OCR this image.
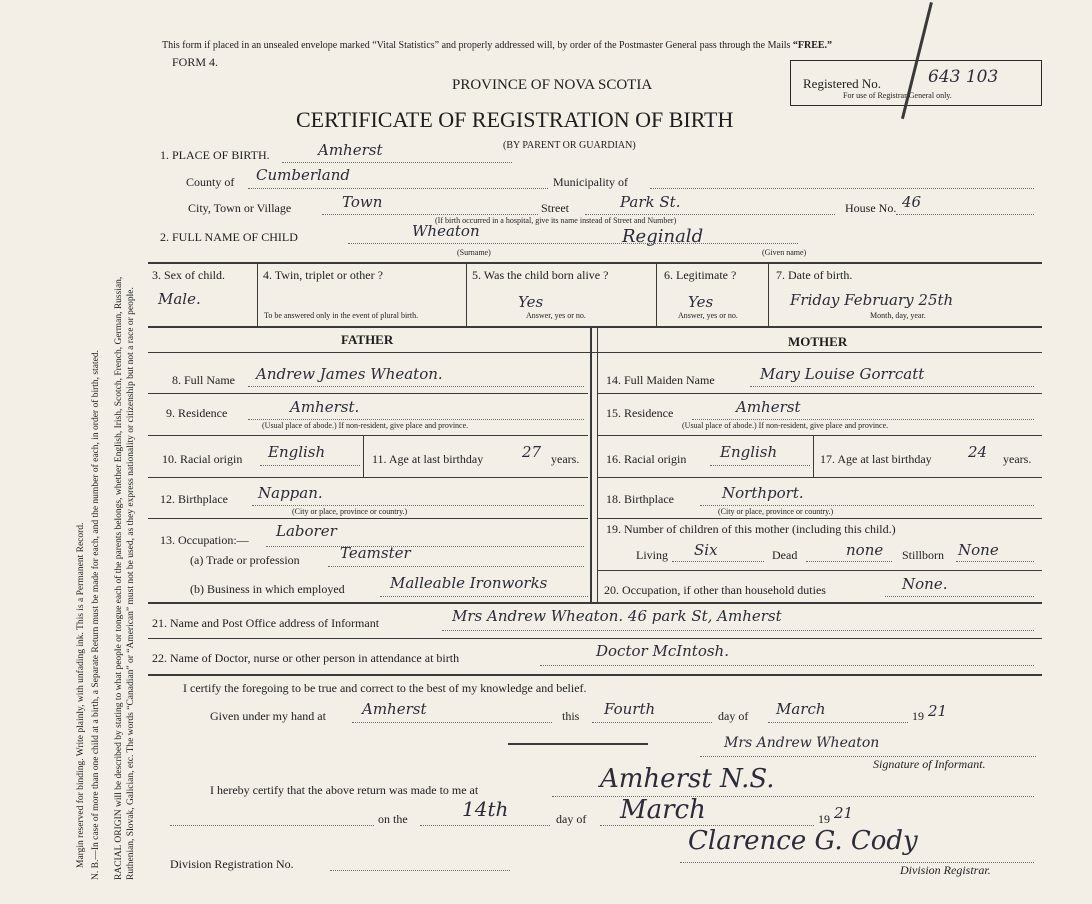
Margin reserved for binding. Write plainly, with unfading ink. This is a Permanent Record. N. B.—In case of more than one child at a birth, a Separate Return must be made for each, and the number of each, in order of birth, stated. RACIAL ORIGIN will be described by stating to what people or tongue each of the parents belongs, whether English, Irish, Scotch, French, German, Russian, Ruthenian, Slovak, Galician, etc. The words “Canadian” or “American” must not be used, as they express nationality or citizenship but not a race or people.
This form if placed in an unsealed envelope marked “Vital Statistics” and properly addressed will, by order of the Postmaster General pass through the Mails “FREE.”
FORM 4.
PROVINCE OF NOVA SCOTIA
CERTIFICATE OF REGISTRATION OF BIRTH
(BY PARENT OR GUARDIAN)
Registered No.	643 103
For use of Registrar General only.
1. PLACE OF BIRTH.	Amherst
County of Cumberland	Municipality of
City, Town or Village	Town	Street	Park St.	House No. 46
(If birth occurred in a hospital, give its name instead of Street and Number)
2. FULL NAME OF CHILD	Wheaton	Reginald
(Surname)	(Given name)
3. Sex of child.
Male.
4. Twin, triplet or other ?
To be answered only in the event of plural birth.
5. Was the child born alive ?
Yes
Answer, yes or no.
6. Legitimate ?
Yes
Answer, yes or no.
7. Date of birth.
Friday February 25th
Month, day, year.
FATHER	MOTHER
8. Full Name Andrew James Wheaton.
9. Residence	Amherst.
(Usual place of abode.) If non-resident, give place and province.
10. Racial origin English	11. Age at last birthday	27 years.
12. Birthplace Nappan.
(City or place, province or country.)
13. Occupation:— Laborer
(a) Trade or profession	Teamster
(b) Business in which employed	Malleable Ironworks
14. Full Maiden Name	Mary Louise Gorrcatt
15. Residence	Amherst
(Usual place of abode.) If non-resident, give place and province.
16. Racial origin English	17. Age at last birthday 24 years.
18. Birthplace	Northport.
(City or place, province or country.)
19. Number of children of this mother (including this child.)
Living Six	Dead	none Stillborn None
20. Occupation, if other than household duties	None.
21. Name and Post Office address of Informant	Mrs Andrew Wheaton. 46 park St, Amherst
22. Name of Doctor, nurse or other person in attendance at birth	Doctor McIntosh.
I certify the foregoing to be true and correct to the best of my knowledge and belief.
Given under my hand at Amherst	this Fourth	day of March	19 21
Mrs Andrew Wheaton
Signature of Informant.
I hereby certify that the above return was made to me at	Amherst N.S.
on the	14th	day of March	19 21
Division Registration No.
Clarence G. Cody
Division Registrar.
